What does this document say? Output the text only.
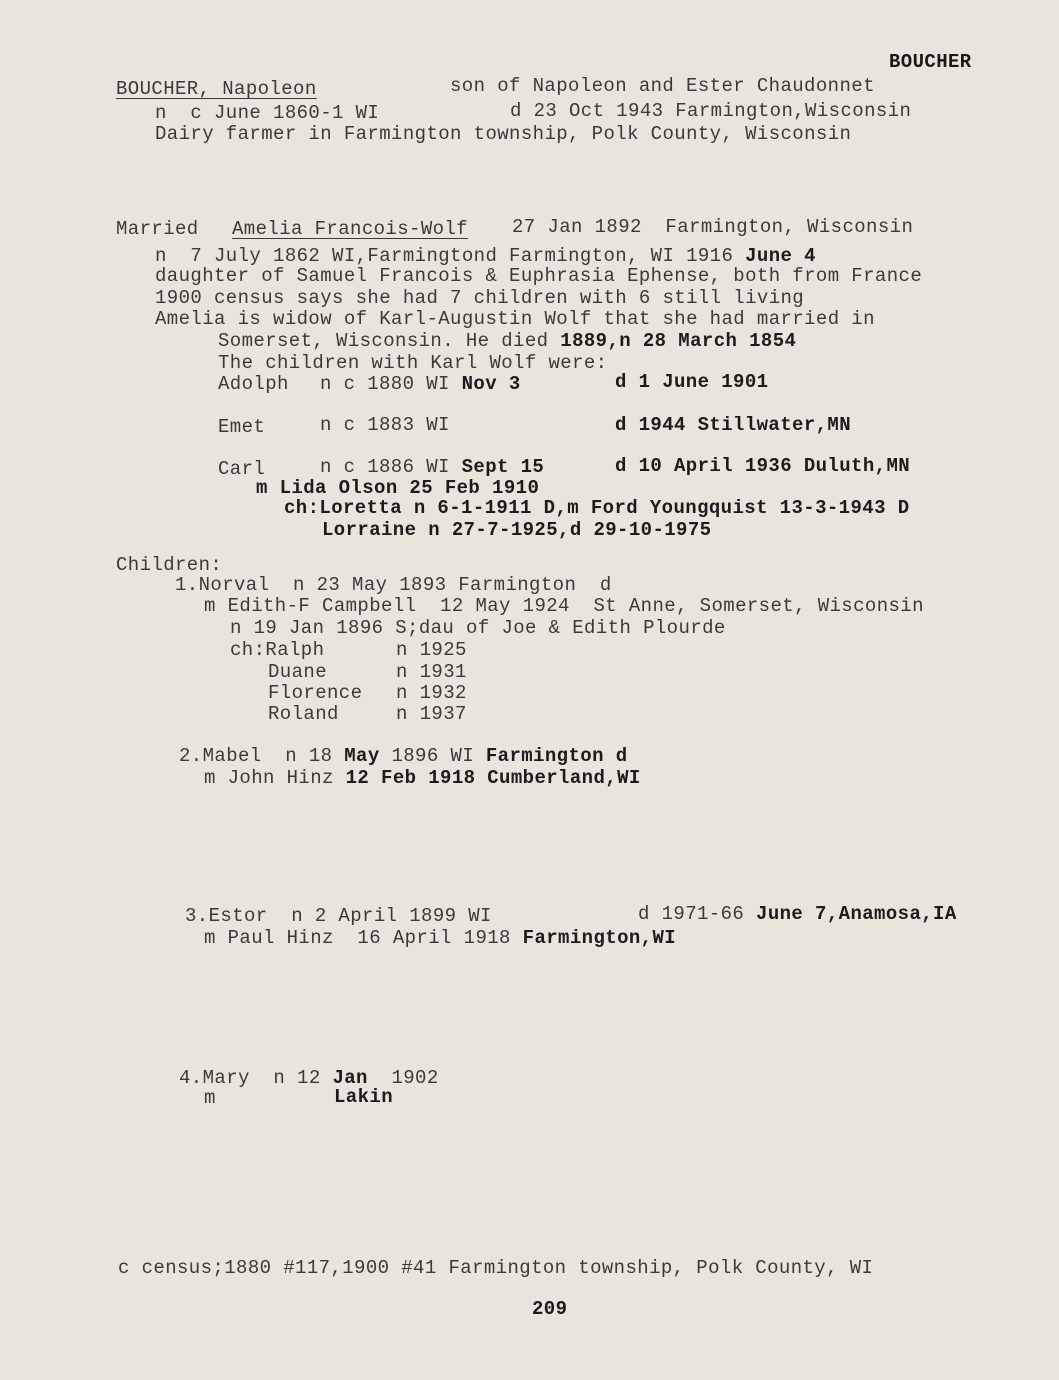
BOUCHER
BOUCHER, Napoleon	son of Napoleon and Ester Chaudonnet
n  c June 1860-1 WI	d 23 Oct 1943 Farmington,Wisconsin
Dairy farmer in Farmington township, Polk County, Wisconsin
Married Amelia Francois-Wolf 27 Jan 1892  Farmington, Wisconsin
n  7 July 1862 WI,Farmingtond Farmington, WI 1916 June 4
daughter of Samuel Francois & Euphrasia Ephense, both from France
1900 census says she had 7 children with 6 still living
Amelia is widow of Karl-Augustin Wolf that she had married in
Somerset, Wisconsin. He died 1889,n 28 March 1854
The children with Karl Wolf were:
Adolph n c 1880 WI Nov 3	d 1 June 1901
Emet	n c 1883 WI	d 1944 Stillwater,MN
Carl	n c 1886 WI Sept 15	d 10 April 1936 Duluth,MN
m Lida Olson 25 Feb 1910
ch:Loretta n 6-1-1911 D,m Ford Youngquist 13-3-1943 D
Lorraine n 27-7-1925,d 29-10-1975
Children:
1.Norval  n 23 May 1893 Farmington  d
m Edith-F Campbell  12 May 1924  St Anne, Somerset, Wisconsin
n 19 Jan 1896 S;dau of Joe & Edith Plourde
ch:Ralph	n 1925
Duane	n 1931
Florence n 1932
Roland	n 1937
2.Mabel  n 18 May 1896 WI Farmington d
m John Hinz 12 Feb 1918 Cumberland,WI
3.Estor  n 2 April 1899 WI	d 1971-66 June 7,Anamosa,IA
m Paul Hinz  16 April 1918 Farmington,WI
4.Mary  n 12 Jan  1902
m	Lakin
c census;1880 #117,1900 #41 Farmington township, Polk County, WI
209
